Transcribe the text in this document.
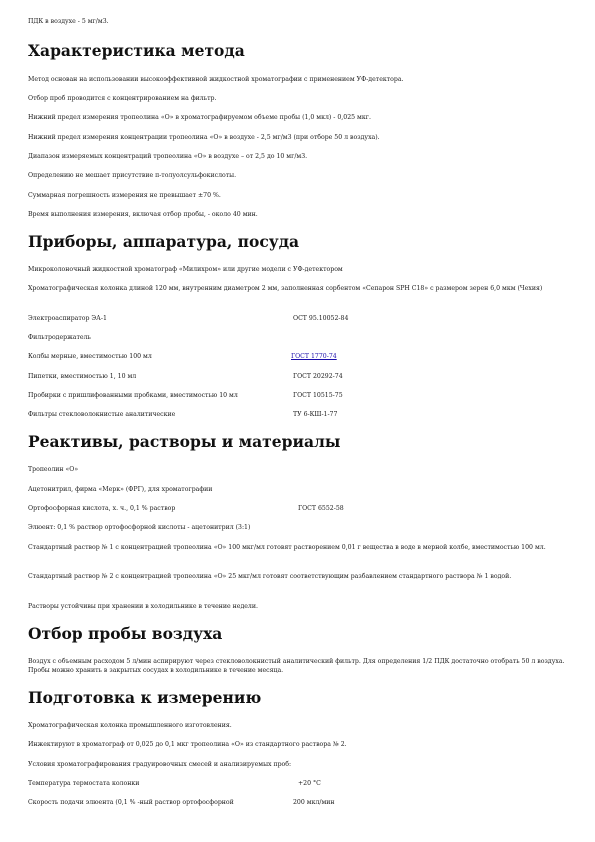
ПДК в воздухе - 5 мг/м3.

Характеристика метода

Метод основан на использовании высокоэффективной жидкостной хроматографии с применением УФ-детектора.

Отбор проб проводится с концентрированием на фильтр.

Нижний предел измерения тропеолина «О» в хроматографируемом объеме пробы (1,0 мкл) - 0,025 мкг.

Нижний предел измерения концентрации тропеолина «О» в воздухе - 2,5 мг/м3 (при отборе 50 л воздуха).

Диапазон измеряемых концентраций тропеолина «О» в воздухе – от 2,5 до 10 мг/м3.

Определению не мешает присутствие п-толуолсульфокислоты.

Суммарная погрешность измерения не превышает ±70 %.

Время выполнения измерения, включая отбор пробы, - около 40 мин.

Приборы, аппаратура, посуда

Микроколоночный жидкостной хроматограф «Милихром» или другие модели с УФ-детектором

Хроматографическая колонка длиной 120 мм, внутренним диаметром 2 мм, заполненная сорбентом «Сепарон SPH C18» с размером зерен 6,0 мкм (Чехия)

Электроаспиратор ЭА-1	ОСТ 95.10052-84
Фильтродержатель
Колбы мерные, вместимостью 100 мл	ГОСТ 1770-74
Пипетки, вместимостью 1, 10 мл	ГОСТ 20292-74
Пробирки с пришлифованными пробками, вместимостью 10 мл	ГОСТ 10515-75
Фильтры стекловолокнистые аналитические	ТУ 6-КШ-1-77
Реактивы, растворы и материалы

Тропеолин «О»

Ацетонитрил, фирма «Мерк» (ФРГ), для хроматографии

Ортофосфорная кислота, х. ч., 0,1 % раствор	ГОСТ 6552-58

Элюент: 0,1 % раствор ортофосфорной кислоты - ацетонитрил (3:1)

Стандартный раствор № 1 с концентрацией тропеолина «О» 100 мкг/мл готовят растворением 0,01 г вещества в воде в мерной колбе, вместимостью 100 мл.

Стандартный раствор № 2 с концентрацией тропеолина «О» 25 мкг/мл готовят соответствующим разбавлением стандартного раствора № 1 водой.

Растворы устойчивы при хранении в холодильнике в течение недели.

Отбор пробы воздуха

Воздух с объемным расходом 5 л/мин аспирируют через стекловолокнистый аналитический фильтр. Для определения 1/2 ПДК достаточно отобрать 50 л воздуха. Пробы можно хранить в закрытых сосудах в холодильнике в течение месяца.

Подготовка к измерению

Хроматографическая колонка промышленного изготовления.

Инжектируют в хроматограф от 0,025 до 0,1 мкг тропеолина «О» из стандартного раствора № 2.

Условия хроматографирования градуировочных смесей и анализируемых проб:

Температура термостата колонки	+20 °С
Скорость подачи элюента (0,1 % -ный раствор ортофосфорной	200 мкл/мин
